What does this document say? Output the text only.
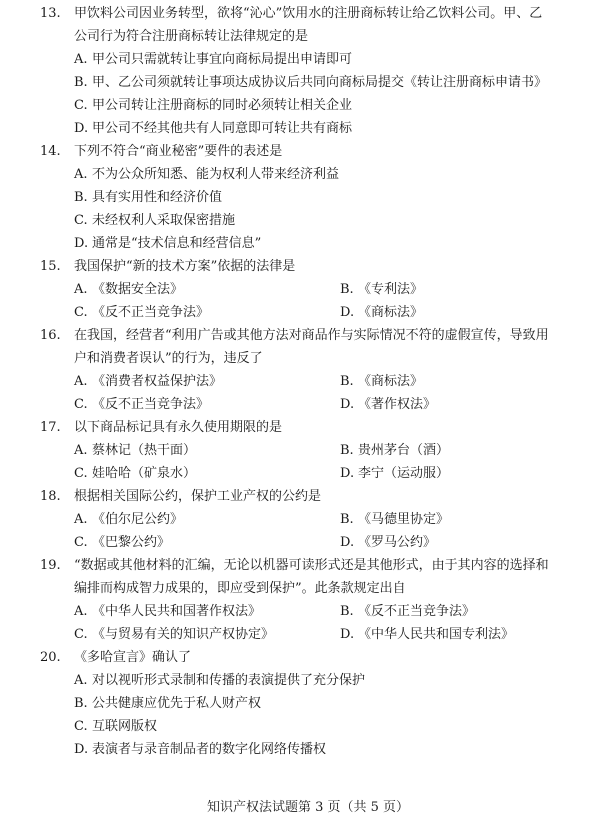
13. 甲饮料公司因业务转型，欲将“沁心”饮用水的注册商标转让给乙饮料公司。甲、乙
公司行为符合注册商标转让法律规定的是
A. 甲公司只需就转让事宜向商标局提出申请即可
B. 甲、乙公司须就转让事项达成协议后共同向商标局提交《转让注册商标申请书》
C. 甲公司转让注册商标的同时必须转让相关企业
D. 甲公司不经其他共有人同意即可转让共有商标
14. 下列不符合“商业秘密”要件的表述是
A. 不为公众所知悉、能为权利人带来经济利益
B. 具有实用性和经济价值
C. 未经权利人采取保密措施
D. 通常是“技术信息和经营信息”
15. 我国保护“新的技术方案”依据的法律是
A. 《数据安全法》	B. 《专利法》
C. 《反不正当竞争法》	D. 《商标法》
16. 在我国，经营者“利用广告或其他方法对商品作与实际情况不符的虚假宣传，导致用
户和消费者误认”的行为，违反了
A. 《消费者权益保护法》	B. 《商标法》
C. 《反不正当竞争法》	D. 《著作权法》
17. 以下商品标记具有永久使用期限的是
A. 蔡林记（热干面）	B. 贵州茅台（酒）
C. 娃哈哈（矿泉水）	D. 李宁（运动服）
18. 根据相关国际公约，保护工业产权的公约是
A. 《伯尔尼公约》	B. 《马德里协定》
C. 《巴黎公约》	D. 《罗马公约》
19. “数据或其他材料的汇编，无论以机器可读形式还是其他形式，由于其内容的选择和
编排而构成智力成果的，即应受到保护”。此条款规定出自
A. 《中华人民共和国著作权法》	B. 《反不正当竞争法》
C. 《与贸易有关的知识产权协定》	D. 《中华人民共和国专利法》
20. 《多哈宣言》确认了
A. 对以视听形式录制和传播的表演提供了充分保护
B. 公共健康应优先于私人财产权
C. 互联网版权
D. 表演者与录音制品者的数字化网络传播权
知识产权法试题第 3 页（共 5 页）
